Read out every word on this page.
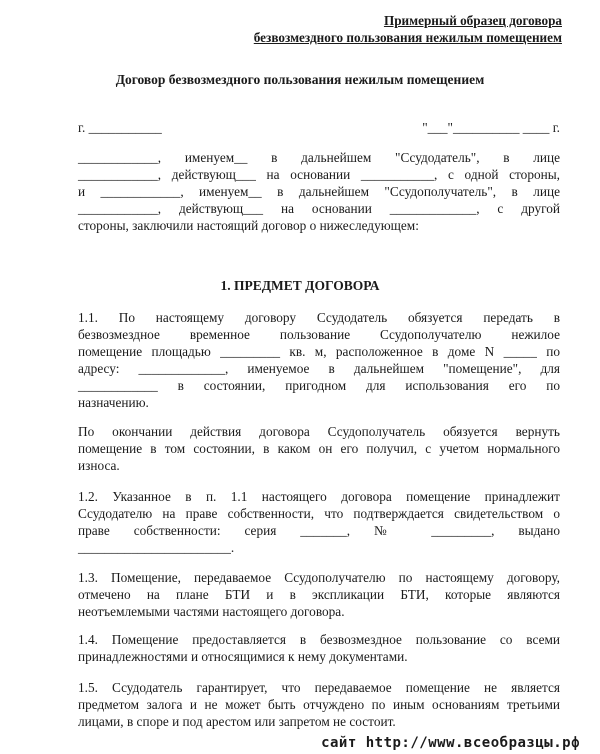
Примерный образец договора
безвозмездного пользования нежилым помещением
Договор безвозмездного пользования нежилым помещением
г. ___________	"___"__________ ____ г.
____________, именуем__ в дальнейшем "Ссудодатель", в лице
____________, действующ___ на основании ___________, с одной стороны,
и ____________, именуем__ в дальнейшем "Ссудополучатель", в лице
____________, действующ___ на основании _____________, с другой
стороны, заключили настоящий договор о нижеследующем:
1. ПРЕДМЕТ ДОГОВОРА
1.1. По настоящему договору Ссудодатель обязуется передать в
безвозмездное временное пользование Ссудополучателю нежилое
помещение площадью _________ кв. м, расположенное в доме N _____ по
адресу: _____________, именуемое в дальнейшем "помещение", для
____________ в состоянии, пригодном для использования его по
назначению.
По окончании действия договора Ссудополучатель обязуется вернуть
помещение в том состоянии, в каком он его получил, с учетом нормального
износа.
1.2. Указанное в п. 1.1 настоящего договора помещение принадлежит
Ссудодателю на праве собственности, что подтверждается свидетельством о
праве собственности: серия _______, № _________, выдано
_______________________.
1.3. Помещение, передаваемое Ссудополучателю по настоящему договору,
отмечено на плане БТИ и в экспликации БТИ, которые являются
неотъемлемыми частями настоящего договора.
1.4. Помещение предоставляется в безвозмездное пользование со всеми
принадлежностями и относящимися к нему документами.
1.5. Ссудодатель гарантирует, что передаваемое помещение не является
предметом залога и не может быть отчуждено по иным основаниям третьими
лицами, в споре и под арестом или запретом не состоит.
сайт http://www.всеобразцы.рф
